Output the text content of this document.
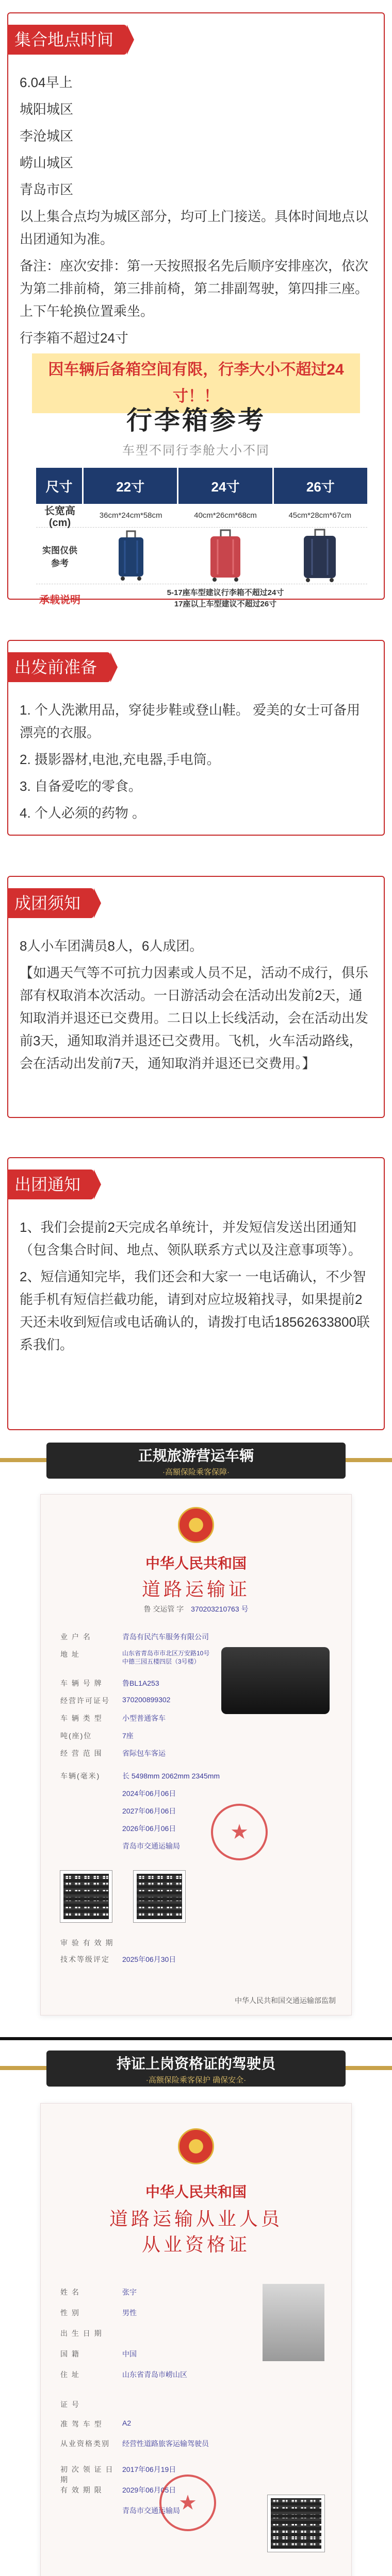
集合地点时间

6.04早上

城阳城区

李沧城区

崂山城区

青岛市区

以上集合点均为城区部分，均可上门接送。具体时间地点以出团通知为准。

备注：座次安排：第一天按照报名先后顺序安排座次，依次为第二排前椅，第三排前椅，第二排副驾驶，第四排三座。上下午轮换位置乘坐。

行李箱不超过24寸

因车辆后备箱空间有限，行李大小不超过24寸！！
行李箱参考
车型不同行李舱大小不同
尺寸	22寸	24寸	26寸
长宽高(cm)
36cm*24cm*58cm	40cm*26cm*68cm	45cm*28cm*67cm
实图仅供参考
承载说明
5-17座车型建议行李箱不超过24寸
17座以上车型建议不超过26寸
出发前准备

1. 个人洗漱用品，穿徒步鞋或登山鞋。 爱美的女士可备用漂亮的衣服。

2. 摄影器材,电池,充电器,手电筒。

3. 自备爱吃的零食。

4. 个人必须的药物 。

成团须知

8人小车团满员8人，6人成团。

【如遇天气等不可抗力因素或人员不足，活动不成行，俱乐部有权取消本次活动。一日游活动会在活动出发前2天，通知取消并退还已交费用。二日以上长线活动，会在活动出发前3天，通知取消并退还已交费用。飞机，火车活动路线，会在活动出发前7天，通知取消并退还已交费用。】

出团通知

1、我们会提前2天完成名单统计，并发短信发送出团通知（包含集合时间、地点、领队联系方式以及注意事项等）。

2、短信通知完毕，我们还会和大家一 一电话确认，不少智能手机有短信拦截功能，请到对应垃圾箱找寻，如果提前2天还未收到短信或电话确认的，请拨打电话18562633800联系我们。

正规旅游营运车辆
·高額保险乘客保障·
中华人民共和国
道路运输证
鲁 交运管 字 370203210763 号
业 户 名	青岛有民汽车服务有限公司
地 址	山东省青岛市市北区万安路10号中德三园五楼四层（3号楼）
车 辆 号 牌	鲁BL1A253
经营许可证号	370200899302
车 辆 类 型	小型普通客车
吨(座)位	7座
经 营 范 围	省际包车客运
车辆(毫米)	长 5498mm 2062mm 2345mm
2024年06月06日
2027年06月06日
2026年06月06日
青岛市交通运输局
★
审 验 有 效 期
技术等级评定	2025年06月30日
中华人民共和国交通运输部监制
持证上岗资格证的驾驶员
·高额保险乘客保护 确保安全·
中华人民共和国
道路运输从业人员
从业资格证
姓 名	张宇
性 别	男性
出 生 日 期
国 籍	中国
住 址	山东省青岛市崂山区
证 号
准 驾 车 型	A2
从业资格类别	经营性道路旅客运输驾驶员
初 次 领 证 日 期
2017年06月19日
有 效 期 限	2029年06月05日
青岛市交通运输局
★
